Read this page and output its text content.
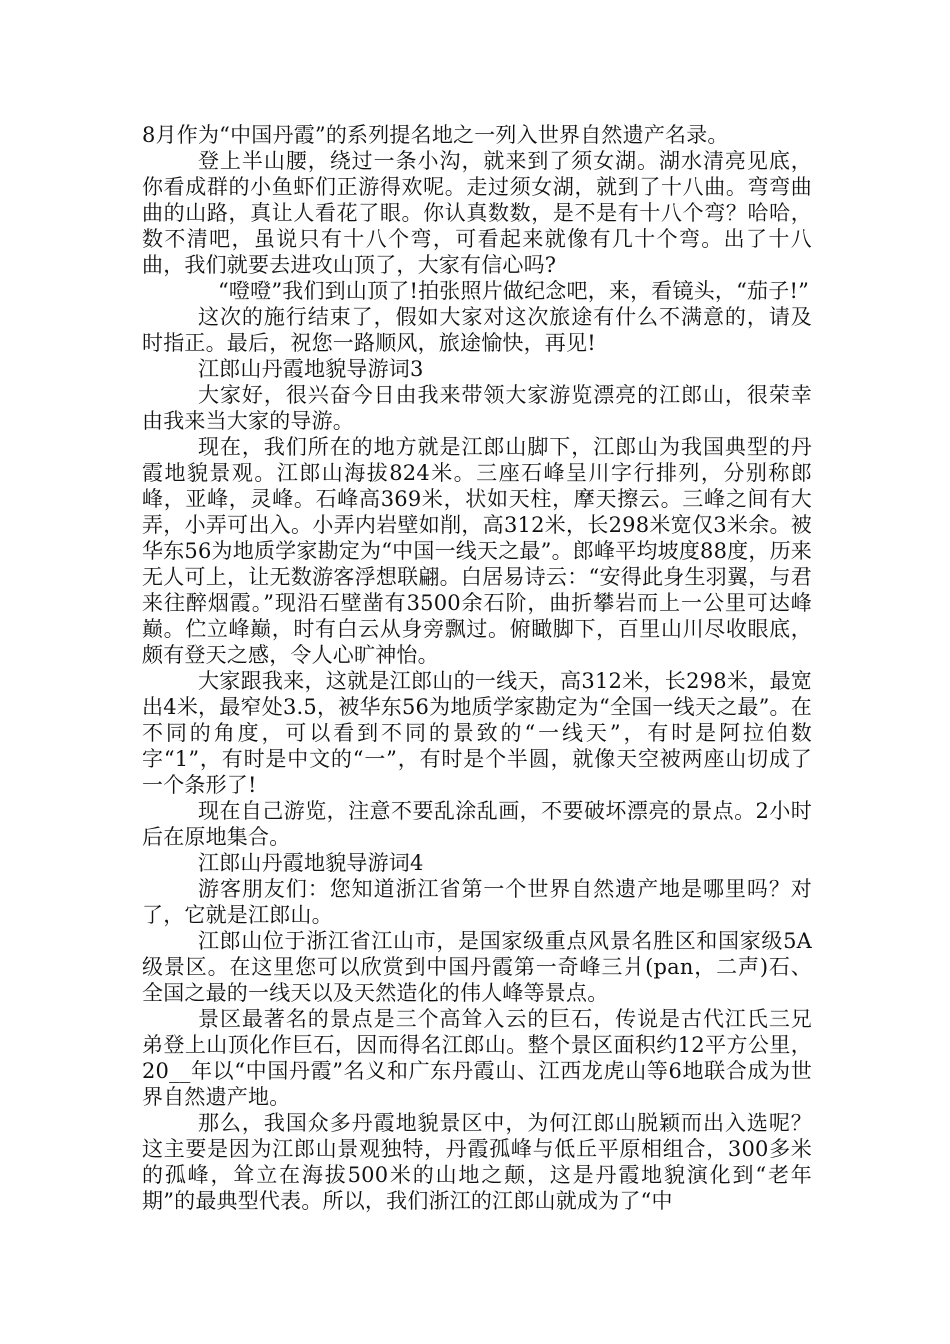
8月作为“中国丹霞”的系列提名地之一列入世界自然遗产名录。

登上半山腰，绕过一条小沟，就来到了须女湖。湖水清亮见底，你看成群的小鱼虾们正游得欢呢。走过须女湖，就到了十八曲。弯弯曲曲的山路，真让人看花了眼。你认真数数，是不是有十八个弯？哈哈，数不清吧，虽说只有十八个弯，可看起来就像有几十个弯。出了十八曲，我们就要去进攻山顶了，大家有信心吗?

“噔噔”我们到山顶了!拍张照片做纪念吧，来，看镜头，“茄子!”

这次的施行结束了，假如大家对这次旅途有什么不满意的，请及时指正。最后，祝您一路顺风，旅途愉快，再见!

江郎山丹霞地貌导游词3

大家好，很兴奋今日由我来带领大家游览漂亮的江郎山，很荣幸由我来当大家的导游。

现在，我们所在的地方就是江郎山脚下，江郎山为我国典型的丹霞地貌景观。江郎山海拔824米。三座石峰呈川字行排列，分别称郎峰，亚峰，灵峰。石峰高369米，状如天柱，摩天擦云。三峰之间有大弄，小弄可出入。小弄内岩壁如削，高312米，长298米宽仅3米余。被华东56为地质学家勘定为“中国一线天之最”。郎峰平均坡度88度，历来无人可上，让无数游客浮想联翩。白居易诗云：“安得此身生羽翼，与君来往醉烟霞。”现沿石壁凿有3500余石阶，曲折攀岩而上一公里可达峰巅。伫立峰巅，时有白云从身旁飘过。俯瞰脚下，百里山川尽收眼底，颇有登天之感，令人心旷神怡。

大家跟我来，这就是江郎山的一线天，高312米，长298米，最宽出4米，最窄处3.5，被华东56为地质学家勘定为“全国一线天之最”。在不同的角度，可以看到不同的景致的“一线天”，有时是阿拉伯数字“1”，有时是中文的“一”，有时是个半圆，就像天空被两座山切成了一个条形了!

现在自己游览，注意不要乱涂乱画，不要破坏漂亮的景点。2小时后在原地集合。

江郎山丹霞地貌导游词4

游客朋友们：您知道浙江省第一个世界自然遗产地是哪里吗？对了，它就是江郎山。

江郎山位于浙江省江山市，是国家级重点风景名胜区和国家级5A级景区。在这里您可以欣赏到中国丹霞第一奇峰三爿(pan，二声)石、全国之最的一线天以及天然造化的伟人峰等景点。

景区最著名的景点是三个高耸入云的巨石，传说是古代江氏三兄弟登上山顶化作巨石，因而得名江郎山。整个景区面积约12平方公里，20__年以“中国丹霞”名义和广东丹霞山、江西龙虎山等6地联合成为世界自然遗产地。

那么，我国众多丹霞地貌景区中，为何江郎山脱颖而出入选呢？这主要是因为江郎山景观独特，丹霞孤峰与低丘平原相组合，300多米的孤峰，耸立在海拔500米的山地之颠，这是丹霞地貌演化到“老年期”的最典型代表。所以，我们浙江的江郎山就成为了“中
